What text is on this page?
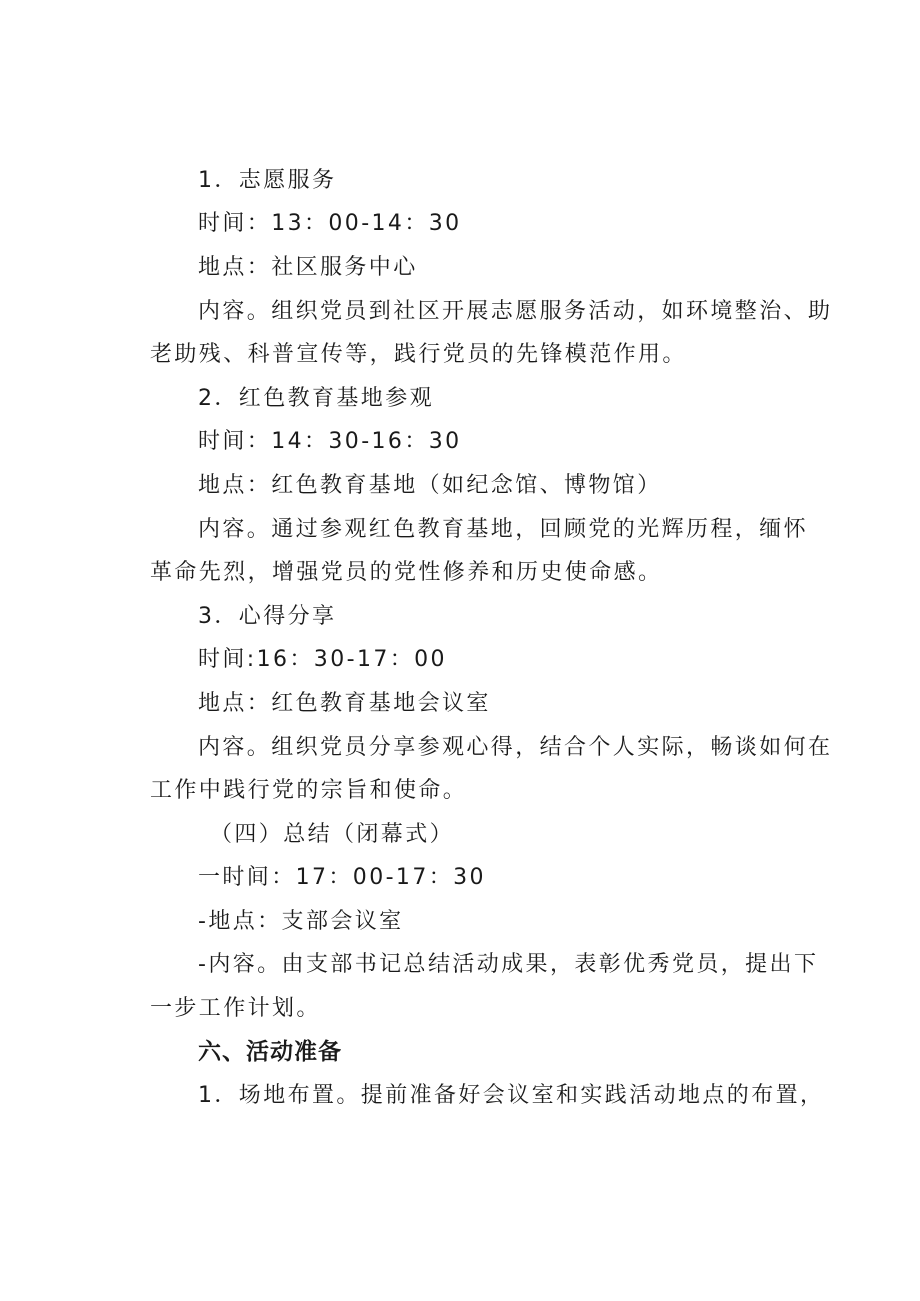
1．志愿服务
时间：13：00-14：30
地点：社区服务中心
内容。组织党员到社区开展志愿服务活动，如环境整治、助
老助残、科普宣传等，践行党员的先锋模范作用。
2．红色教育基地参观
时间：14：30-16：30
地点：红色教育基地（如纪念馆、博物馆）
内容。通过参观红色教育基地，回顾党的光辉历程，缅怀
革命先烈，增强党员的党性修养和历史使命感。
3．心得分享
时间:16：30-17：00
地点：红色教育基地会议室
内容。组织党员分享参观心得，结合个人实际，畅谈如何在
工作中践行党的宗旨和使命。
（四）总结（闭幕式）
一时间：17：00-17：30
-地点：支部会议室
-内容。由支部书记总结活动成果，表彰优秀党员，提出下
一步工作计划。
六、活动准备
1．场地布置。提前准备好会议室和实践活动地点的布置，
